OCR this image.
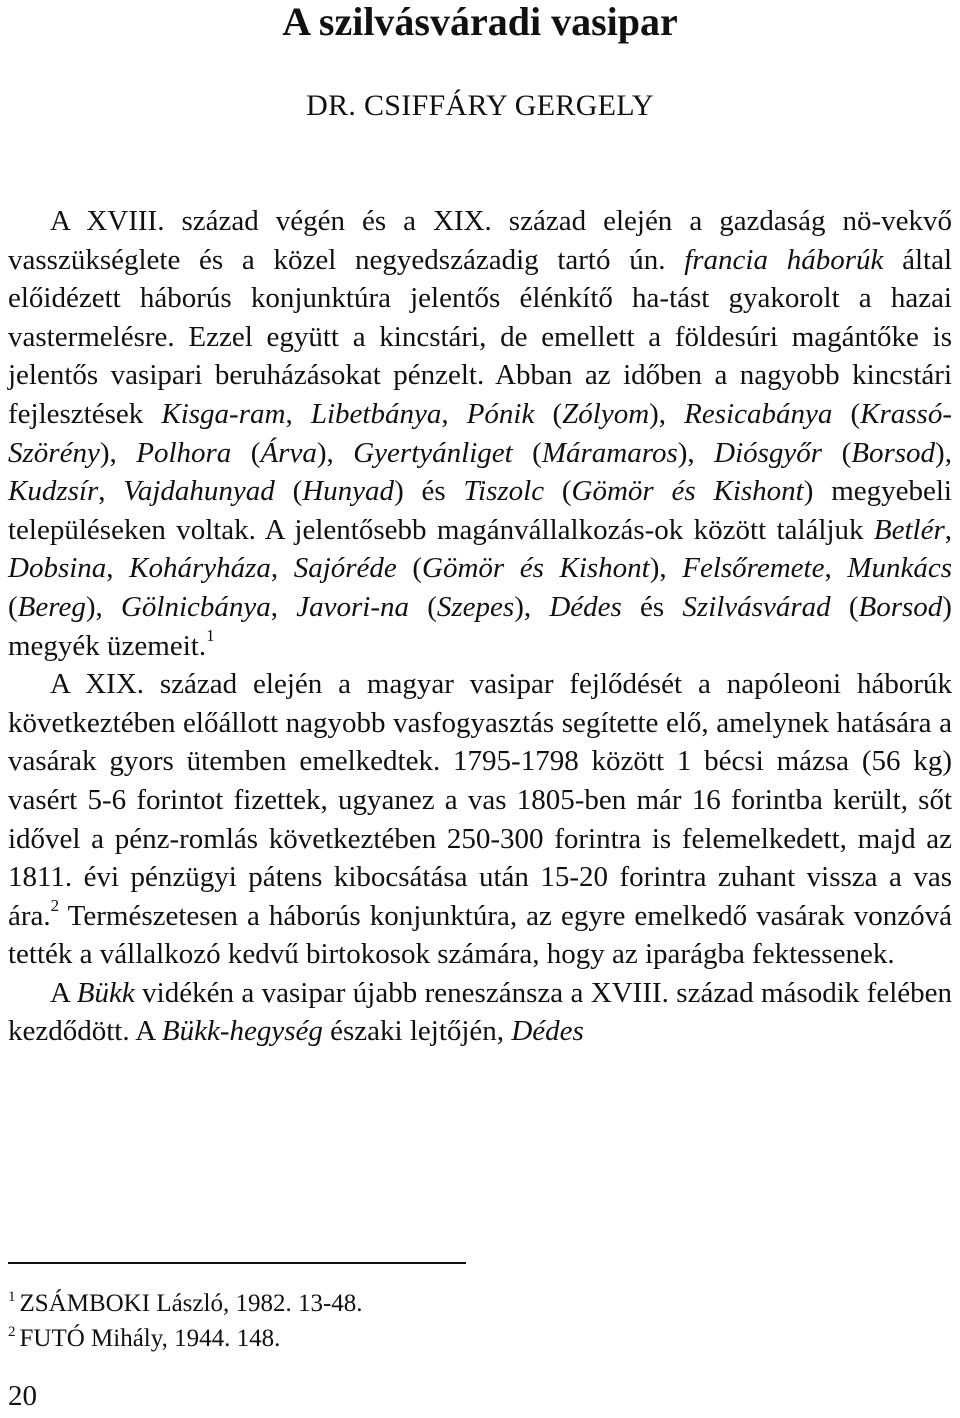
A szilvásváradi vasipar
DR. CSIFFÁRY GERGELY

A XVIII. század végén és a XIX. század elején a gazdaság nö-vekvő vasszükséglete és a közel negyedszázadig tartó ún. francia háborúk által előidézett háborús konjunktúra jelentős élénkítő ha-tást gyakorolt a hazai vastermelésre. Ezzel együtt a kincstári, de emellett a földesúri magántőke is jelentős vasipari beruházásokat pénzelt. Abban az időben a nagyobb kincstári fejlesztések Kisga-ram, Libetbánya, Pónik (Zólyom), Resicabánya (Krassó-Szörény), Polhora (Árva), Gyertyánliget (Máramaros), Diósgyőr (Borsod), Kudzsír, Vajdahunyad (Hunyad) és Tiszolc (Gömör és Kishont) megyebeli településeken voltak. A jelentősebb magánvállalkozás-ok között találjuk Betlér, Dobsina, Koháryháza, Sajóréde (Gömör és Kishont), Felsőremete, Munkács (Bereg), Gölnicbánya, Javori-na (Szepes), Dédes és Szilvásvárad (Borsod) megyék üzemeit.$^1$

A XIX. század elején a magyar vasipar fejlődését a napóleoni háborúk következtében előállott nagyobb vasfogyasztás segítette elő, amelynek hatására a vasárak gyors ütemben emelkedtek. 1795-1798 között 1 bécsi mázsa (56 kg) vasért 5-6 forintot fizettek, ugyanez a vas 1805-ben már 16 forintba került, sőt idővel a pénz-romlás következtében 250-300 forintra is felemelkedett, majd az 1811. évi pénzügyi pátens kibocsátása után 15-20 forintra zuhant vissza a vas ára.$^2$ Természetesen a háborús konjunktúra, az egyre emelkedő vasárak vonzóvá tették a vállalkozó kedvű birtokosok számára, hogy az iparágba fektessenek.

A Bükk vidékén a vasipar újabb reneszánsza a XVIII. század második felében kezdődött. A Bükk-hegység északi lejtőjén, Dédes

$^1$ ZSÁMBOKI László, 1982. 13-48.
$^2$ FUTÓ Mihály, 1944. 148.
20
